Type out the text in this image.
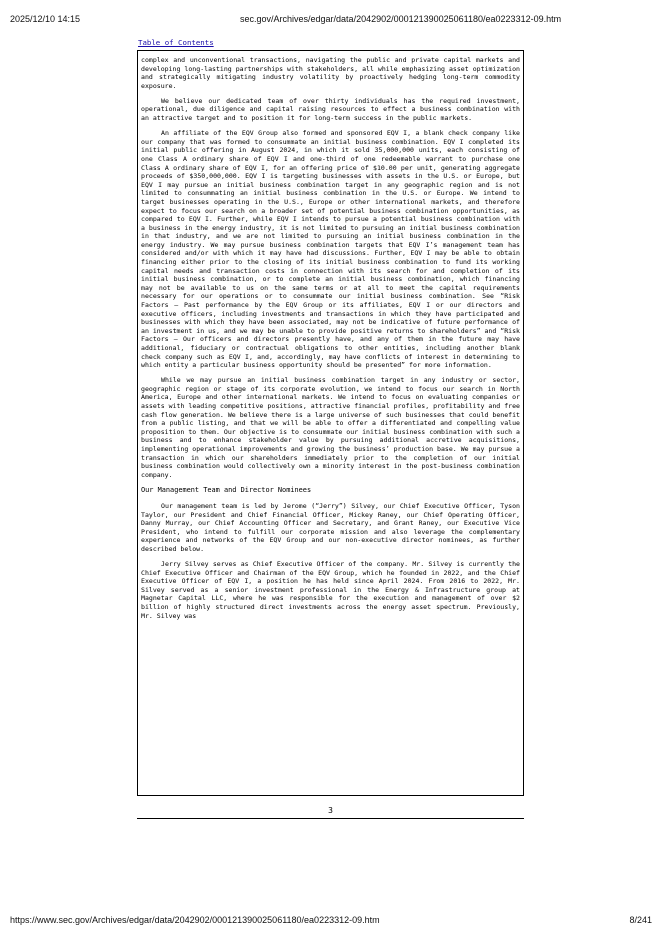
2025/12/10 14:15	sec.gov/Archives/edgar/data/2042902/000121390025061180/ea0223312-09.htm
Table of Contents

complex and unconventional transactions, navigating the public and private capital markets and developing long-lasting partnerships with stakeholders, all while emphasizing asset optimization and strategically mitigating industry volatility by proactively hedging long-term commodity exposure.

We believe our dedicated team of over thirty individuals has the required investment, operational, due diligence and capital raising resources to effect a business combination with an attractive target and to position it for long-term success in the public markets.

An affiliate of the EQV Group also formed and sponsored EQV I, a blank check company like our company that was formed to consummate an initial business combination. EQV I completed its initial public offering in August 2024, in which it sold 35,000,000 units, each consisting of one Class A ordinary share of EQV I and one-third of one redeemable warrant to purchase one Class A ordinary share of EQV I, for an offering price of $10.00 per unit, generating aggregate proceeds of $350,000,000. EQV I is targeting businesses with assets in the U.S. or Europe, but EQV I may pursue an initial business combination target in any geographic region and is not limited to consummating an initial business combination in the U.S. or Europe. We intend to target businesses operating in the U.S., Europe or other international markets, and therefore expect to focus our search on a broader set of potential business combination opportunities, as compared to EQV I. Further, while EQV I intends to pursue a potential business combination with a business in the energy industry, it is not limited to pursuing an initial business combination in that industry, and we are not limited to pursuing an initial business combination in the energy industry. We may pursue business combination targets that EQV I’s management team has considered and/or with which it may have had discussions. Further, EQV I may be able to obtain financing either prior to the closing of its initial business combination to fund its working capital needs and transaction costs in connection with its search for and completion of its initial business combination, or to complete an initial business combination, which financing may not be available to us on the same terms or at all to meet the capital requirements necessary for our operations or to consummate our initial business combination. See “Risk Factors — Past performance by the EQV Group or its affiliates, EQV I or our directors and executive officers, including investments and transactions in which they have participated and businesses with which they have been associated, may not be indicative of future performance of an investment in us, and we may be unable to provide positive returns to shareholders” and “Risk Factors — Our officers and directors presently have, and any of them in the future may have additional, fiduciary or contractual obligations to other entities, including another blank check company such as EQV I, and, accordingly, may have conflicts of interest in determining to which entity a particular business opportunity should be presented” for more information.

While we may pursue an initial business combination target in any industry or sector, geographic region or stage of its corporate evolution, we intend to focus our search in North America, Europe and other international markets. We intend to focus on evaluating companies or assets with leading competitive positions, attractive financial profiles, profitability and free cash flow generation. We believe there is a large universe of such businesses that could benefit from a public listing, and that we will be able to offer a differentiated and compelling value proposition to them. Our objective is to consummate our initial business combination with such a business and to enhance stakeholder value by pursuing additional accretive acquisitions, implementing operational improvements and growing the business’ production base. We may pursue a transaction in which our shareholders immediately prior to the completion of our initial business combination would collectively own a minority interest in the post-business combination company.

Our Management Team and Director Nominees

Our management team is led by Jerome (“Jerry”) Silvey, our Chief Executive Officer, Tyson Taylor, our President and Chief Financial Officer, Mickey Raney, our Chief Operating Officer, Danny Murray, our Chief Accounting Officer and Secretary, and Grant Raney, our Executive Vice President, who intend to fulfill our corporate mission and also leverage the complementary experience and networks of the EQV Group and our non-executive director nominees, as further described below.

Jerry Silvey serves as Chief Executive Officer of the company. Mr. Silvey is currently the Chief Executive Officer and Chairman of the EQV Group, which he founded in 2022, and the Chief Executive Officer of EQV I, a position he has held since April 2024. From 2016 to 2022, Mr. Silvey served as a senior investment professional in the Energy & Infrastructure group at Magnetar Capital LLC, where he was responsible for the execution and management of over $2 billion of highly structured direct investments across the energy asset spectrum. Previously, Mr. Silvey was

3
https://www.sec.gov/Archives/edgar/data/2042902/000121390025061180/ea0223312-09.htm	8/241
